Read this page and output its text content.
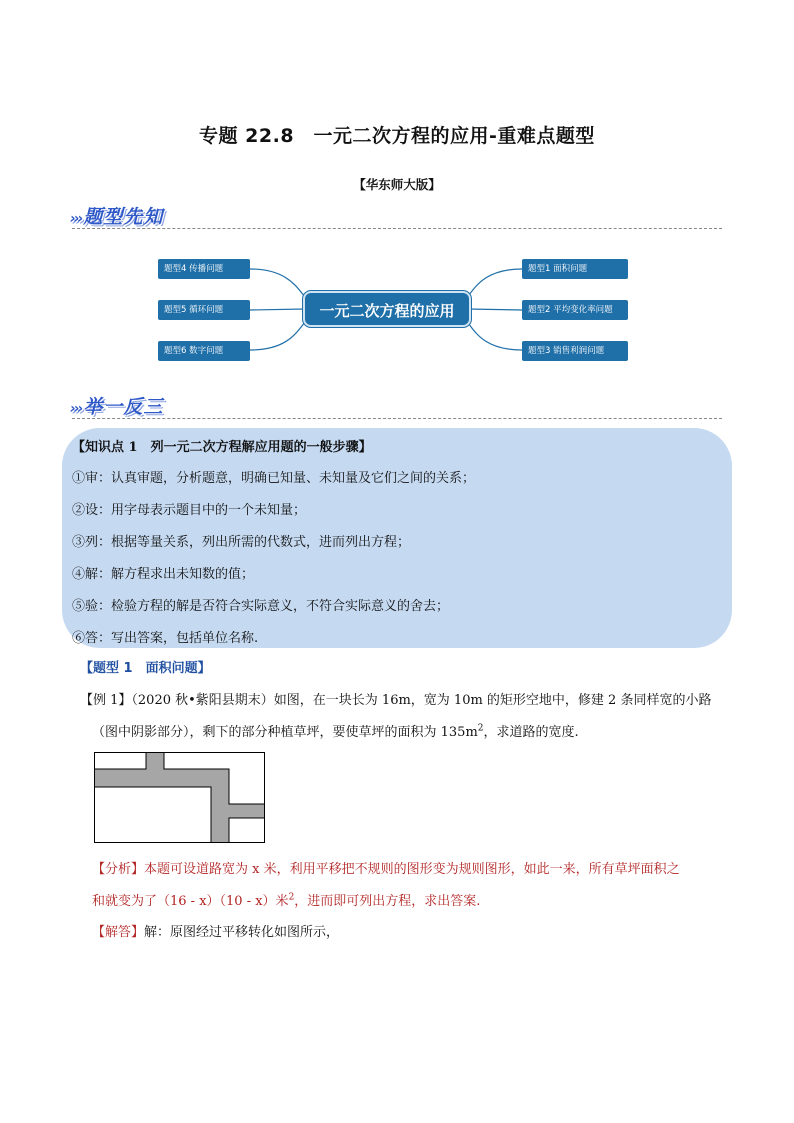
专题 22.8　一元二次方程的应用-重难点题型
【华东师大版】
››› 题型先知
题型4 传播问题
题型5 循环问题
题型6 数字问题
一元二次方程的应用
题型1 面积问题
题型2 平均变化率问题
题型3 销售利润问题
››› 举一反三
【知识点 1　列一元二次方程解应用题的一般步骤】
①审：认真审题，分析题意，明确已知量、未知量及它们之间的关系；
②设：用字母表示题目中的一个未知量；
③列：根据等量关系，列出所需的代数式，进而列出方程；
④解：解方程求出未知数的值；
⑤验：检验方程的解是否符合实际意义，不符合实际意义的舍去；
⑥答：写出答案，包括单位名称.
【题型 1　面积问题】
【例 1】（2020 秋•紫阳县期末）如图，在一块长为 16m，宽为 10m 的矩形空地中，修建 2 条同样宽的小路
（图中阴影部分），剩下的部分种植草坪，要使草坪的面积为 $135m^2$，求道路的宽度.
【分析】本题可设道路宽为 x 米，利用平移把不规则的图形变为规则图形，如此一来，所有草坪面积之
和就变为了（16 - x）（10 - x）米$^2$，进而即可列出方程，求出答案.
【解答】解：原图经过平移转化如图所示，
